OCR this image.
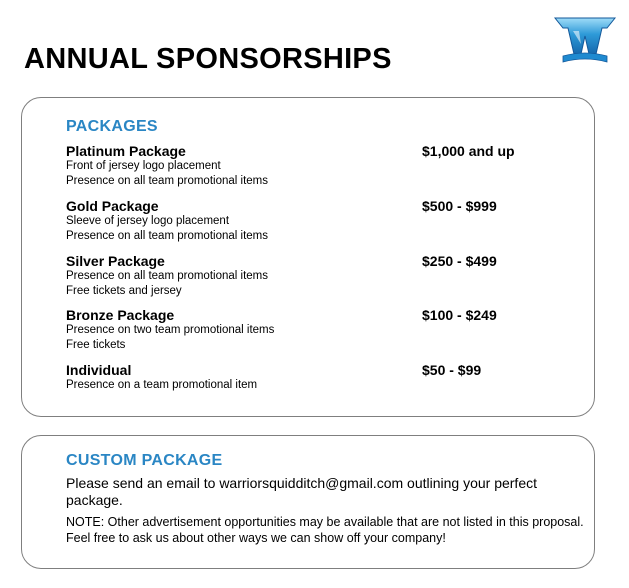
ANNUAL SPONSORSHIPS
PACKAGES
Platinum Package	$1,000 and up
Front of jersey logo placement
Presence on all team promotional items
Gold Package	$500 - $999
Sleeve of jersey logo placement
Presence on all team promotional items
Silver Package	$250 - $499
Presence on all team promotional items
Free tickets and jersey
Bronze Package	$100 - $249
Presence on two team promotional items
Free tickets
Individual	$50 - $99
Presence on a team promotional item
CUSTOM PACKAGE

Please send an email to warriorsquidditch@gmail.com outlining your perfect package.

NOTE: Other advertisement opportunities may be available that are not listed in this proposal. Feel free to ask us about other ways we can show off your company!
